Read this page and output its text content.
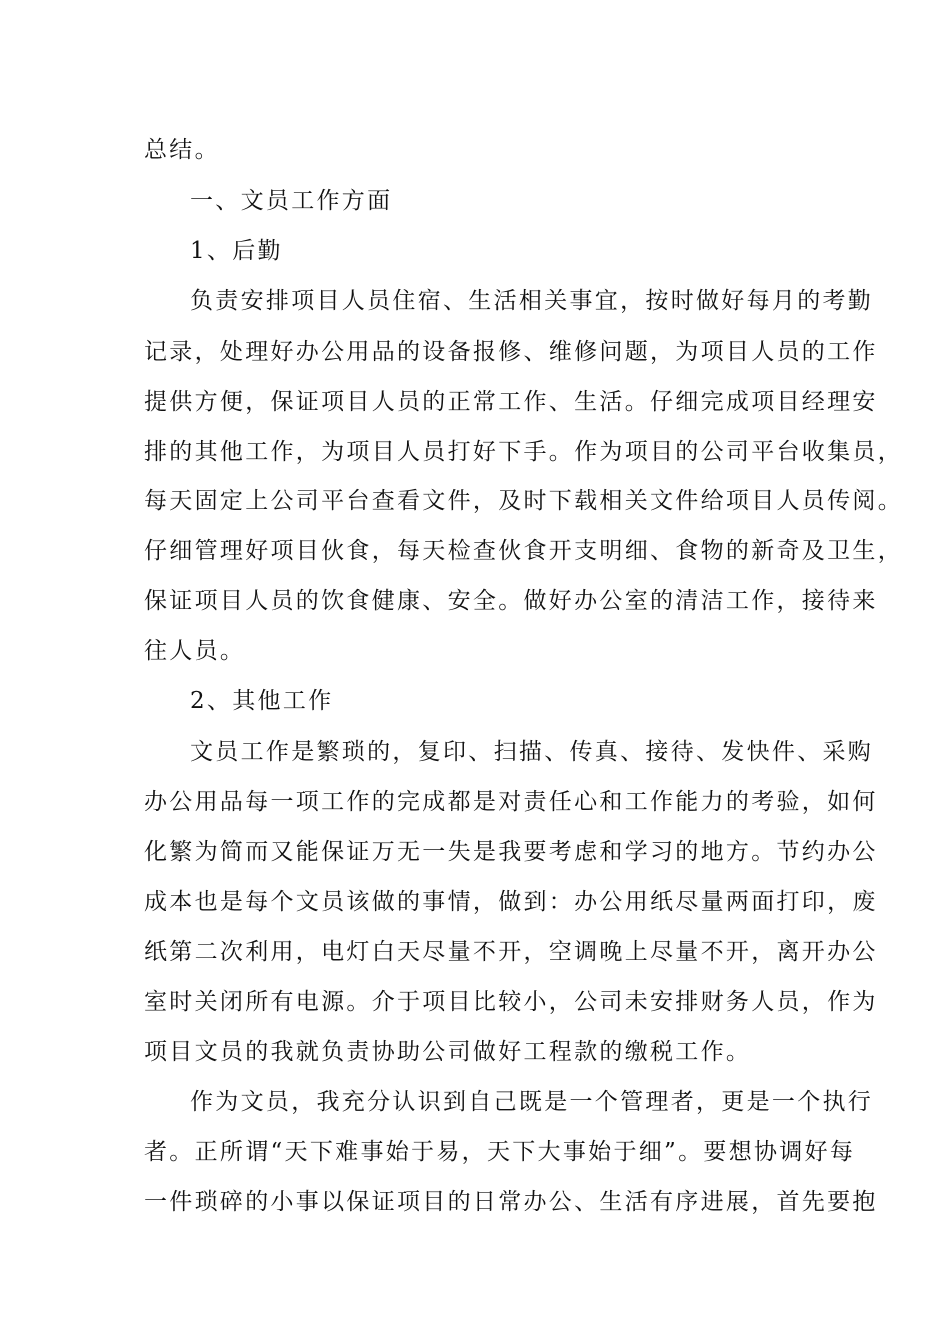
总结。
一、文员工作方面
1、后勤
负责安排项目人员住宿、生活相关事宜，按时做好每月的考勤
记录，处理好办公用品的设备报修、维修问题，为项目人员的工作
提供方便，保证项目人员的正常工作、生活。仔细完成项目经理安
排的其他工作，为项目人员打好下手。作为项目的公司平台收集员，
每天固定上公司平台查看文件，及时下载相关文件给项目人员传阅。
仔细管理好项目伙食，每天检查伙食开支明细、食物的新奇及卫生，
保证项目人员的饮食健康、安全。做好办公室的清洁工作，接待来
往人员。
2、其他工作
文员工作是繁琐的，复印、扫描、传真、接待、发快件、采购
办公用品每一项工作的完成都是对责任心和工作能力的考验，如何
化繁为简而又能保证万无一失是我要考虑和学习的地方。节约办公
成本也是每个文员该做的事情，做到：办公用纸尽量两面打印，废
纸第二次利用，电灯白天尽量不开，空调晚上尽量不开，离开办公
室时关闭所有电源。介于项目比较小，公司未安排财务人员，作为
项目文员的我就负责协助公司做好工程款的缴税工作。
作为文员，我充分认识到自己既是一个管理者，更是一个执行
者。正所谓“天下难事始于易，天下大事始于细”。要想协调好每
一件琐碎的小事以保证项目的日常办公、生活有序进展，首先要抱
